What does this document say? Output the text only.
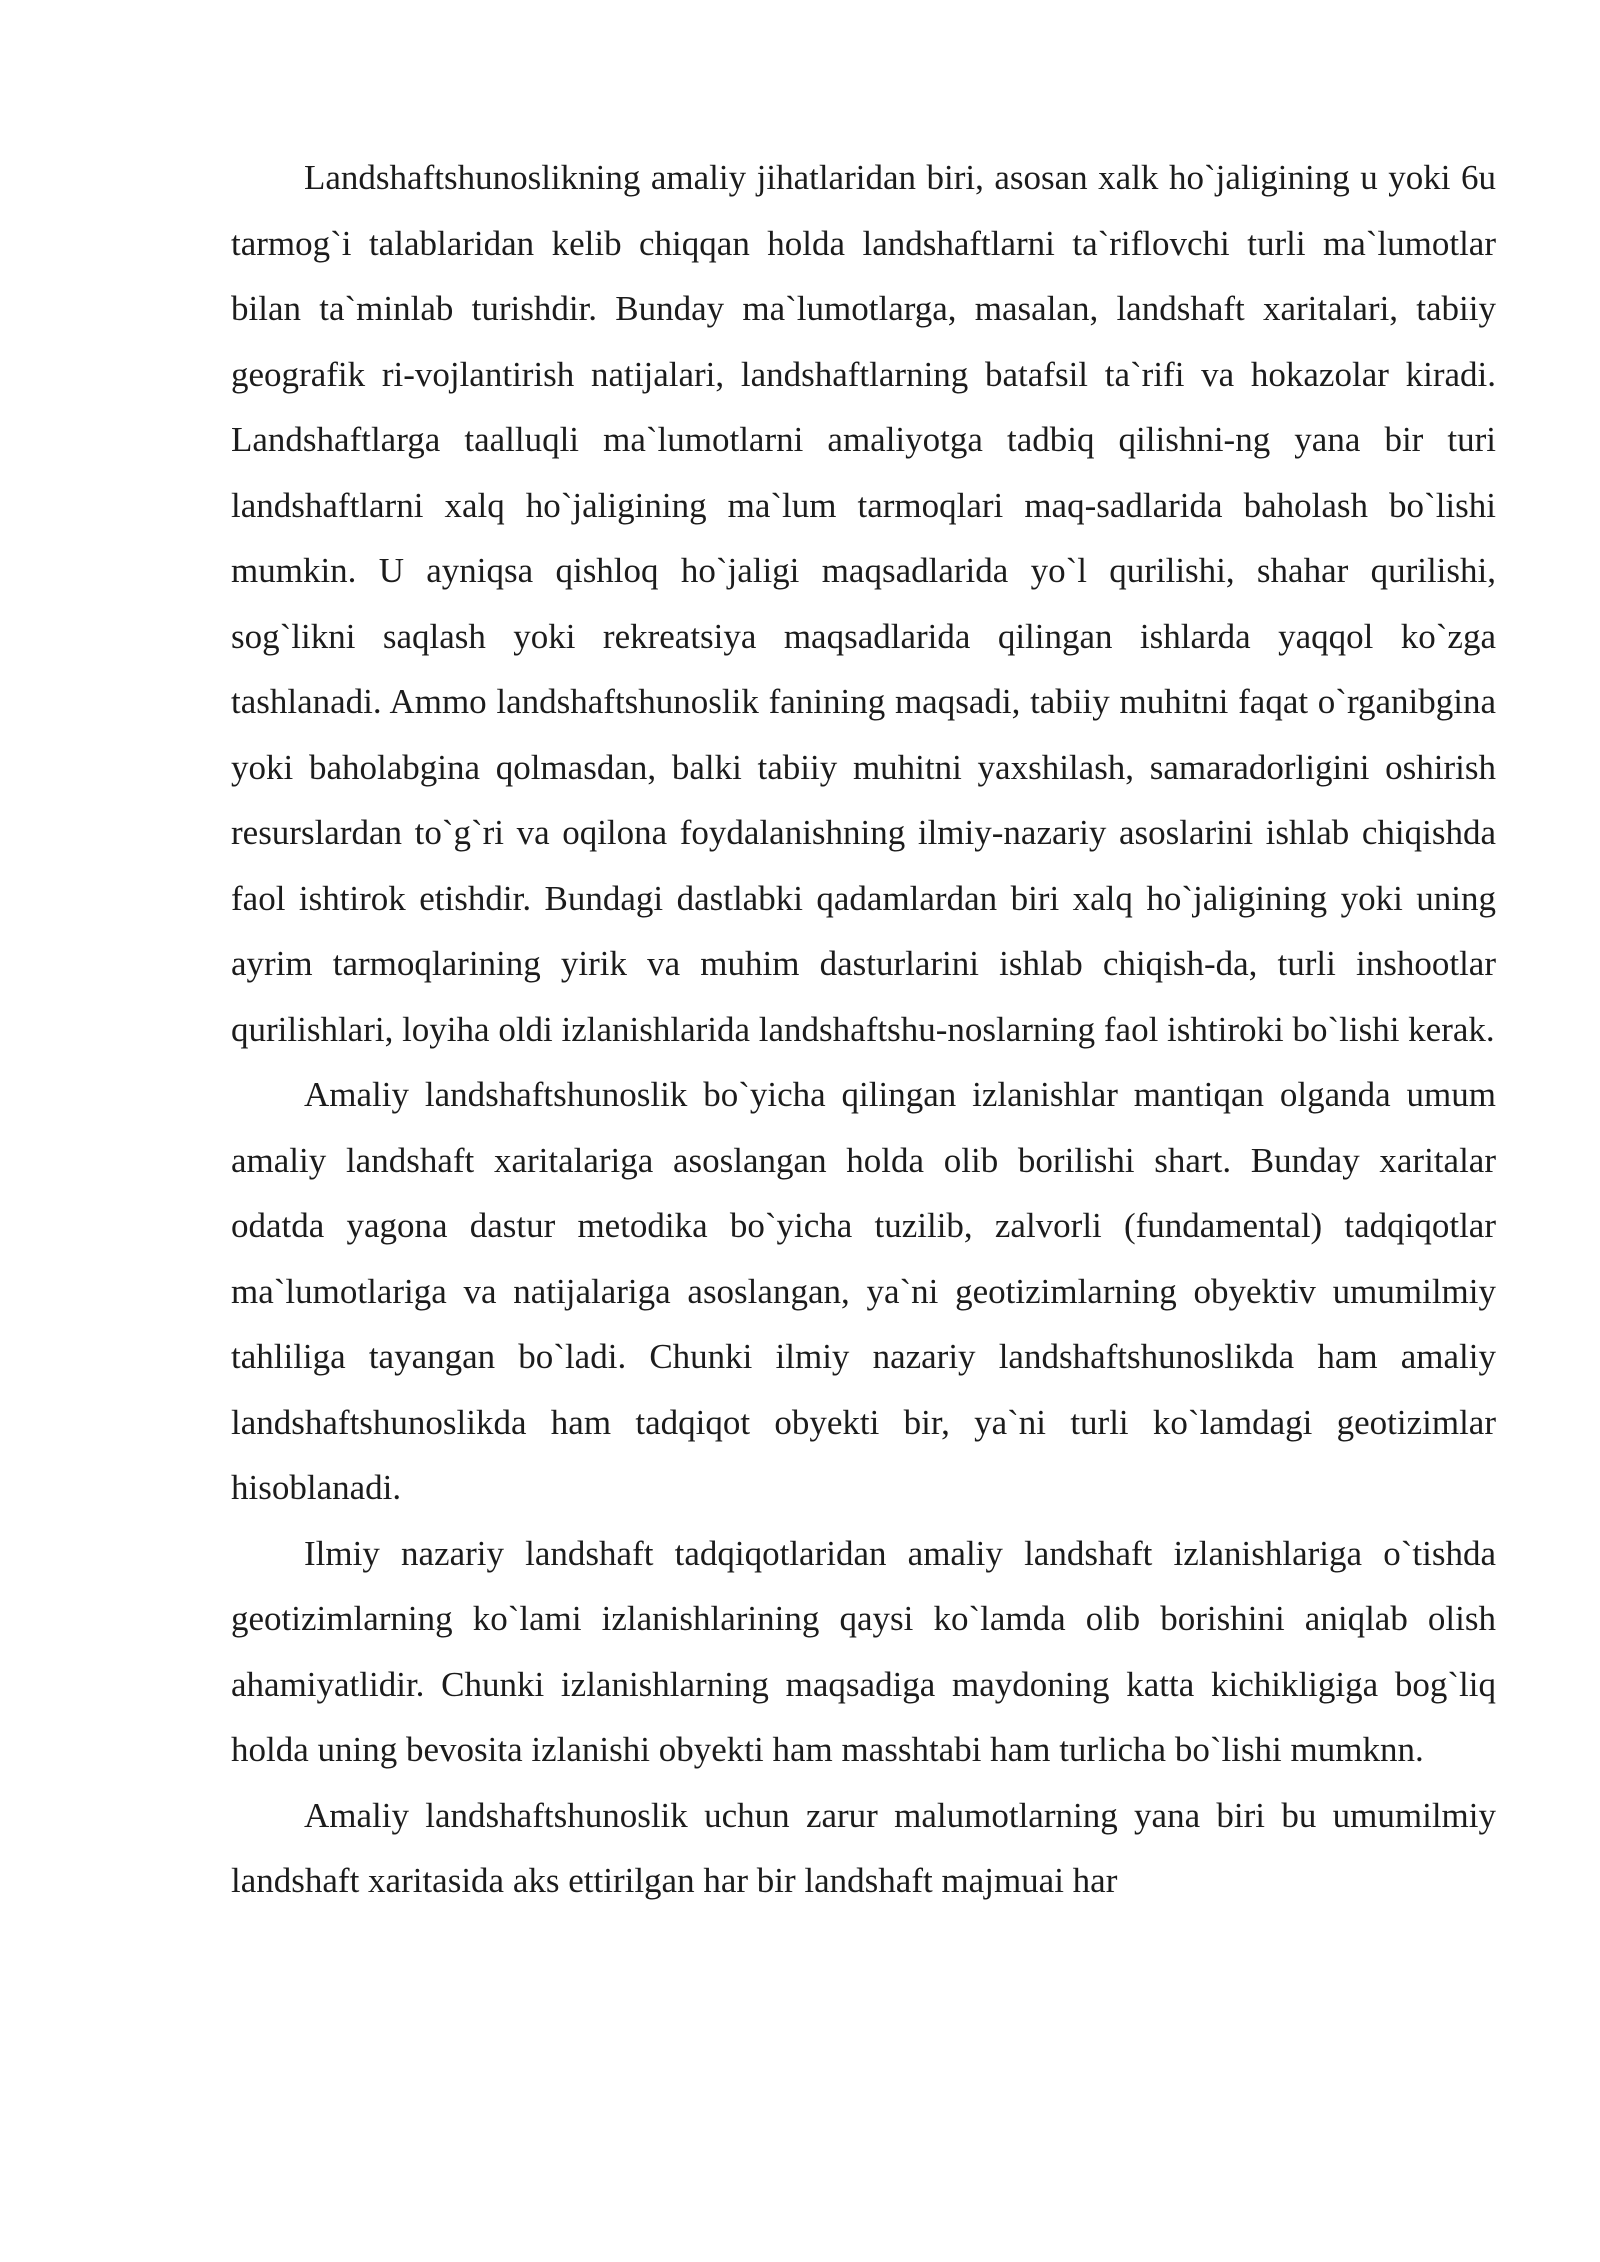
Landshaftshunoslikning amaliy jihatlaridan biri, asosan xalk ho`jaligining u yoki 6u tarmog`i talablaridan kelib chiqqan holda landshaftlarni ta`riflovchi turli ma`lumotlar bilan ta`minlab turishdir. Bunday ma`lumotlarga, masalan, landshaft xaritalari, tabiiy geografik ri-vojlantirish natijalari, landshaftlarning batafsil ta`rifi va hokazolar kiradi. Landshaftlarga taalluqli ma`lumotlarni amaliyotga tadbiq qilishni-ng yana bir turi landshaftlarni xalq ho`jaligining ma`lum tarmoqlari maq-sadlarida baholash bo`lishi mumkin. U ayniqsa qishloq ho`jaligi maqsadlarida yo`l qurilishi, shahar qurilishi, sog`likni saqlash yoki rekreatsiya maqsadlarida qilingan ishlarda yaqqol ko`zga tashlanadi. Ammo landshaftshunoslik fanining maqsadi, tabiiy muhitni faqat o`rganibgina yoki baholabgina qolmasdan, balki tabiiy muhitni yaxshilash, samaradorligini oshirish resurslardan to`g`ri va oqilona foydalanishning ilmiy-nazariy asoslarini ishlab chiqishda faol ishtirok etishdir. Bundagi dastlabki qadamlardan biri xalq ho`jaligining yoki uning ayrim tarmoqlarining yirik va muhim dasturlarini ishlab chiqish-da, turli inshootlar qurilishlari, loyiha oldi izlanishlarida landshaftshu-noslarning faol ishtiroki bo`lishi kerak.

Amaliy landshaftshunoslik bo`yicha qilingan izlanishlar mantiqan olganda umum amaliy landshaft xaritalariga asoslangan holda olib borilishi shart. Bunday xaritalar odatda yagona dastur metodika bo`yicha tuzilib, zalvorli (fundamental) tadqiqotlar ma`lumotlariga va natijalariga asoslangan, ya`ni geotizimlarning obyektiv umumilmiy tahliliga tayangan bo`ladi. Chunki ilmiy nazariy landshaftshunoslikda ham amaliy landshaftshunoslikda ham tadqiqot obyekti bir, ya`ni turli ko`lamdagi geotizimlar hisoblanadi.

Ilmiy nazariy landshaft tadqiqotlaridan amaliy landshaft izlanishlariga o`tishda geotizimlarning ko`lami izlanishlarining qaysi ko`lamda olib borishini aniqlab olish ahamiyatlidir. Chunki izlanishlarning maqsadiga maydoning katta kichikligiga bog`liq holda uning bevosita izlanishi obyekti ham masshtabi ham turlicha bo`lishi mumknn.

Amaliy landshaftshunoslik uchun zarur malumotlarning yana biri bu umumilmiy landshaft xaritasida aks ettirilgan har bir landshaft majmuai har
